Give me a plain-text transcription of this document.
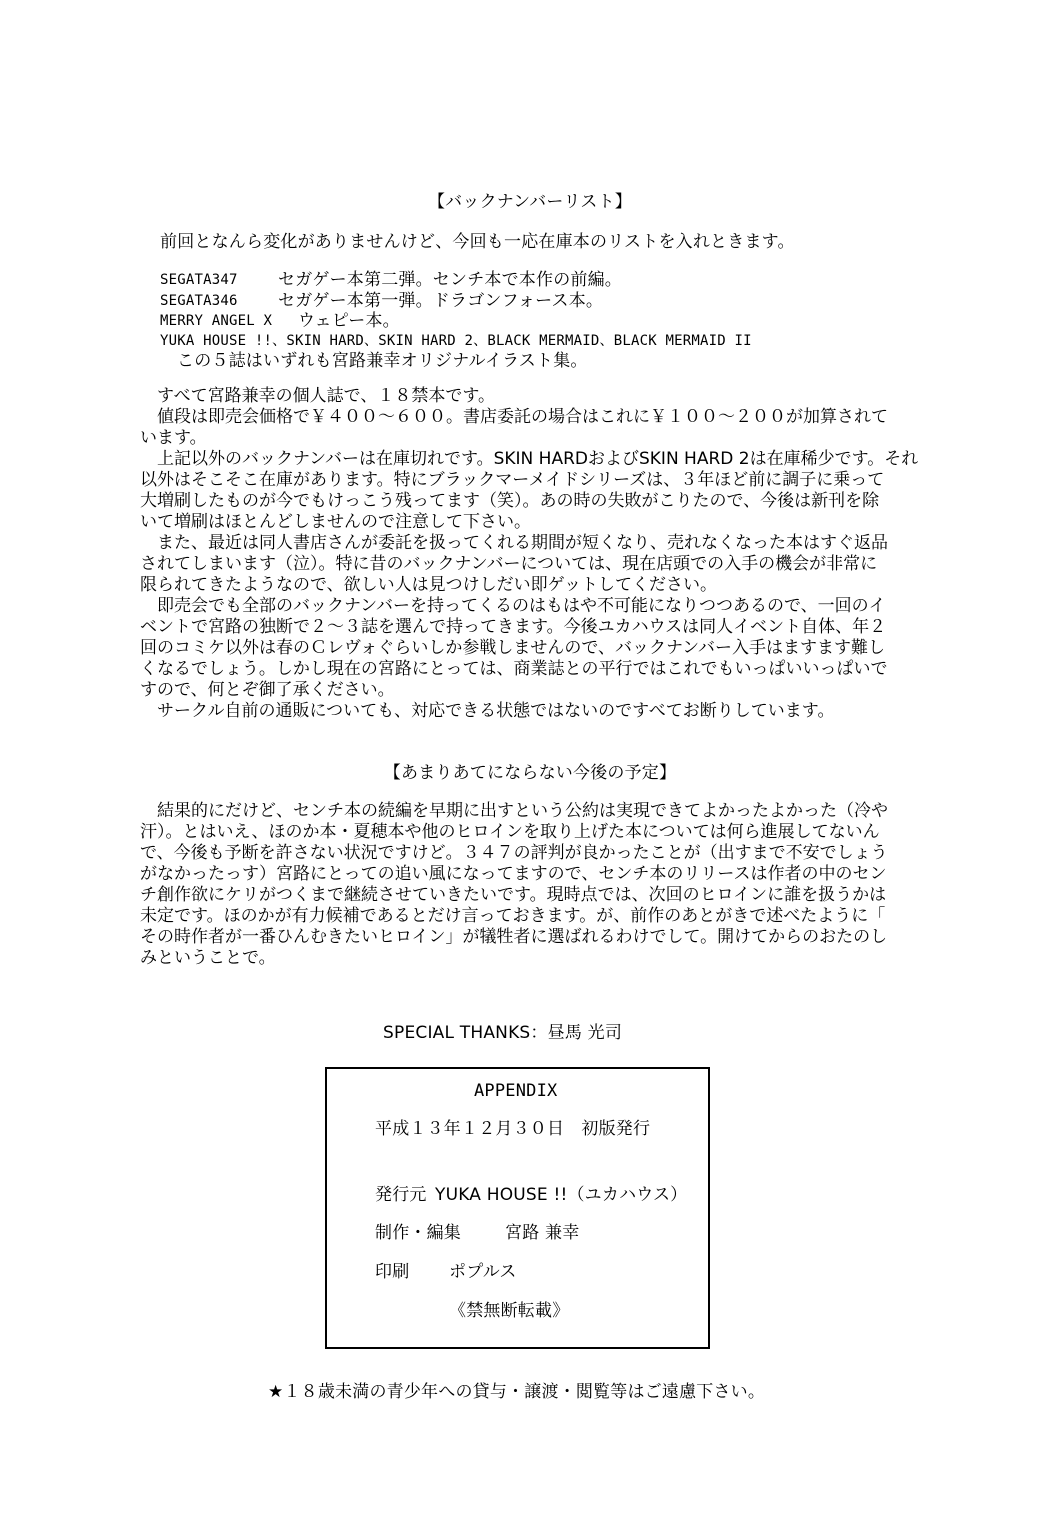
【バックナンバーリスト】
前回となんら変化がありませんけど、今回も一応在庫本のリストを入れときます。
SEGATA347 セガゲー本第二弾。センチ本で本作の前編。
SEGATA346 セガゲー本第一弾。ドラゴンフォース本。
MERRY ANGEL X ウェピー本。
YUKA HOUSE !!、SKIN HARD、SKIN HARD 2、BLACK MERMAID、BLACK MERMAID II
この５誌はいずれも宮路兼幸オリジナルイラスト集。

すべて宮路兼幸の個人誌で、１８禁本です。

値段は即売会価格で￥４００～６００。書店委託の場合はこれに￥１００～２００が加算されて

います。

上記以外のバックナンバーは在庫切れです。SKIN HARDおよびSKIN HARD 2は在庫稀少です。それ

以外はそこそこ在庫があります。特にブラックマーメイドシリーズは、３年ほど前に調子に乗って

大増刷したものが今でもけっこう残ってます（笑）。あの時の失敗がこりたので、今後は新刊を除

いて増刷はほとんどしませんので注意して下さい。

また、最近は同人書店さんが委託を扱ってくれる期間が短くなり、売れなくなった本はすぐ返品

されてしまいます（泣）。特に昔のバックナンバーについては、現在店頭での入手の機会が非常に

限られてきたようなので、欲しい人は見つけしだい即ゲットしてください。

即売会でも全部のバックナンバーを持ってくるのはもはや不可能になりつつあるので、一回のイ

ベントで宮路の独断で２～３誌を選んで持ってきます。今後ユカハウスは同人イベント自体、年２

回のコミケ以外は春のＣレヴォぐらいしか参戦しませんので、バックナンバー入手はますます難し

くなるでしょう。しかし現在の宮路にとっては、商業誌との平行ではこれでもいっぱいいっぱいで

すので、何とぞ御了承ください。

サークル自前の通販についても、対応できる状態ではないのですべてお断りしています。

【あまりあてにならない今後の予定】

結果的にだけど、センチ本の続編を早期に出すという公約は実現できてよかったよかった（冷や

汗）。とはいえ、ほのか本・夏穂本や他のヒロインを取り上げた本については何ら進展してないん

で、今後も予断を許さない状況ですけど。３４７の評判が良かったことが（出すまで不安でしょう

がなかったっす）宮路にとっての追い風になってますので、センチ本のリリースは作者の中のセン

チ創作欲にケリがつくまで継続させていきたいです。現時点では、次回のヒロインに誰を扱うかは

未定です。ほのかが有力候補であるとだけ言っておきます。が、前作のあとがきで述べたように「

その時作者が一番ひんむきたいヒロイン」が犠牲者に選ばれるわけでして。開けてからのおたのし

みということで。

SPECIAL THANKS：昼馬 光司
APPENDIX
平成１３年１２月３０日　初版発行
発行元 YUKA HOUSE !!（ユカハウス）
制作・編集	宮路 兼幸
印刷 ポプルス
《禁無断転載》
★１８歳未満の青少年への貸与・譲渡・閲覧等はご遠慮下さい。
